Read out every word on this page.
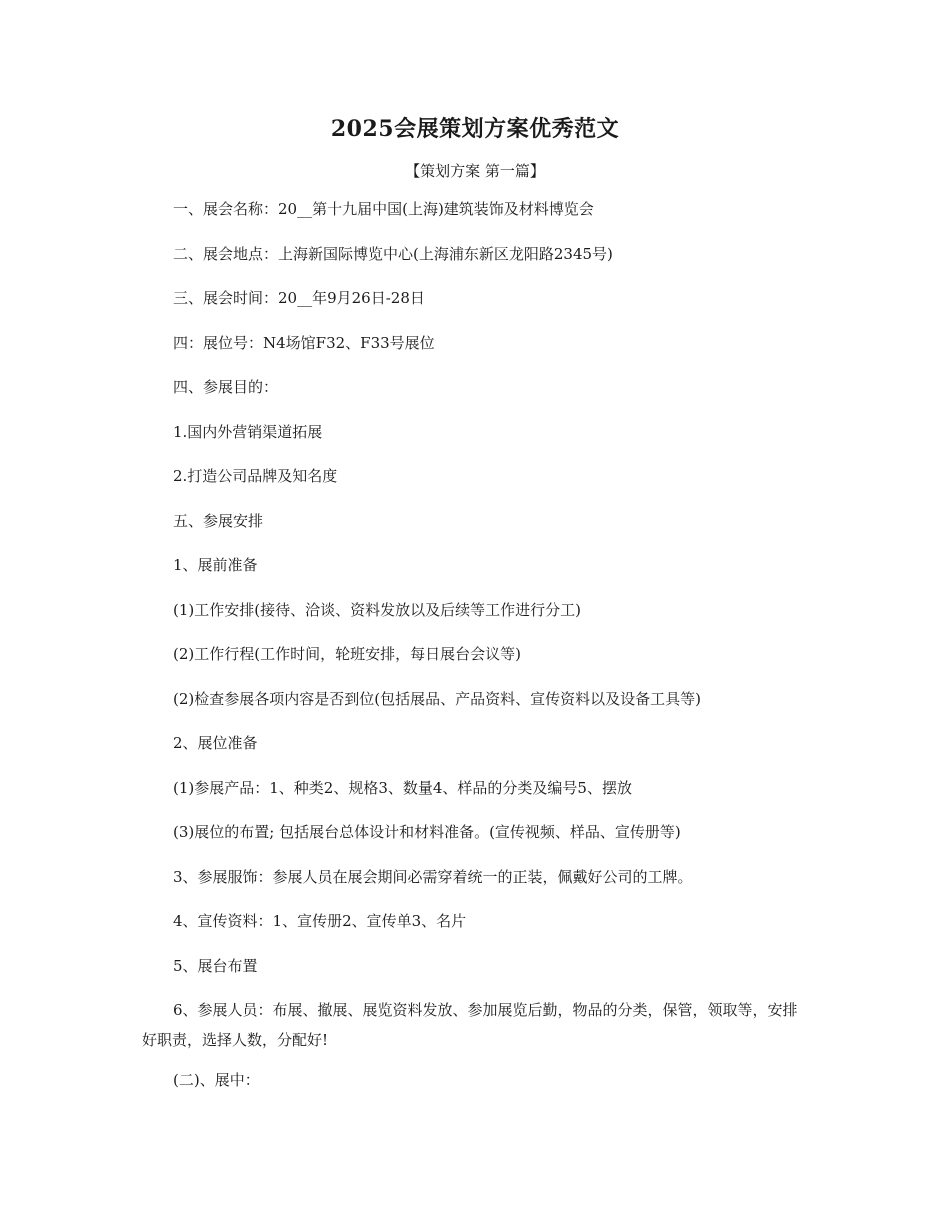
2025会展策划方案优秀范文
【策划方案 第一篇】

一、展会名称：20__第十九届中国(上海)建筑装饰及材料博览会

二、展会地点：上海新国际博览中心(上海浦东新区龙阳路2345号)

三、展会时间：20__年9月26日-28日

四：展位号：N4场馆F32、F33号展位

四、参展目的：

1.国内外营销渠道拓展

2.打造公司品牌及知名度

五、参展安排

1、展前准备

(1)工作安排(接待、洽谈、资料发放以及后续等工作进行分工)

(2)工作行程(工作时间，轮班安排，每日展台会议等)

(2)检查参展各项内容是否到位(包括展品、产品资料、宣传资料以及设备工具等)

2、展位准备

(1)参展产品：1、种类2、规格3、数量4、样品的分类及编号5、摆放

(3)展位的布置; 包括展台总体设计和材料准备。(宣传视频、样品、宣传册等)

3、参展服饰：参展人员在展会期间必需穿着统一的正装，佩戴好公司的工牌。

4、宣传资料：1、宣传册2、宣传单3、名片

5、展台布置

6、参展人员：布展、撤展、展览资料发放、参加展览后勤，物品的分类，保管，领取等，安排好职责，选择人数，分配好!

(二)、展中：
